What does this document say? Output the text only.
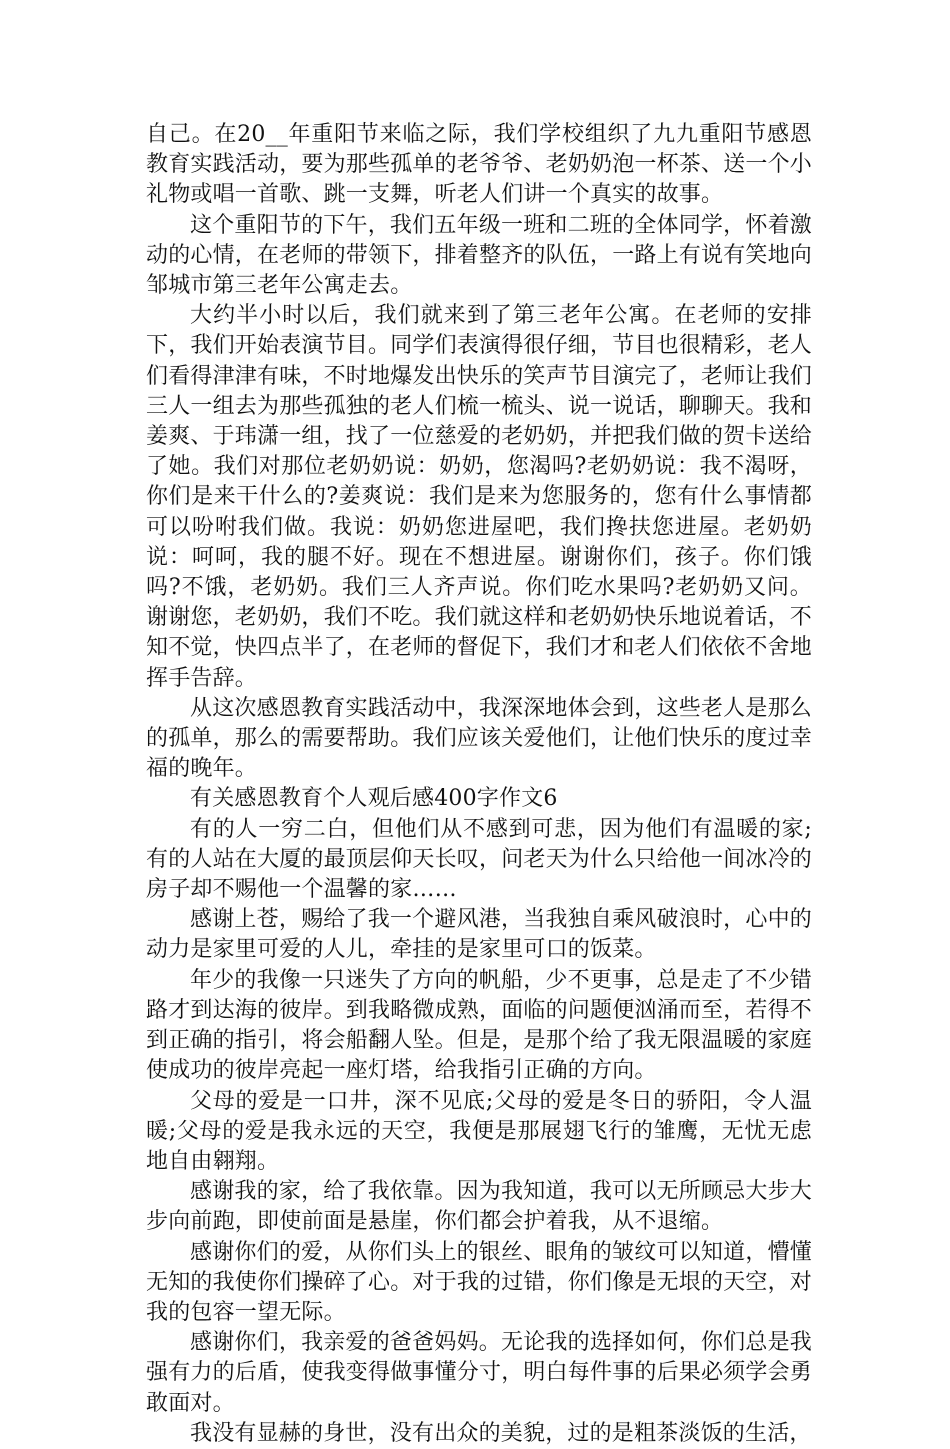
自己。在20__年重阳节来临之际，我们学校组织了九九重阳节感恩教育实践活动，要为那些孤单的老爷爷、老奶奶泡一杯茶、送一个小礼物或唱一首歌、跳一支舞，听老人们讲一个真实的故事。

这个重阳节的下午，我们五年级一班和二班的全体同学，怀着激动的心情，在老师的带领下，排着整齐的队伍，一路上有说有笑地向邹城市第三老年公寓走去。

大约半小时以后，我们就来到了第三老年公寓。在老师的安排下，我们开始表演节目。同学们表演得很仔细，节目也很精彩，老人们看得津津有味，不时地爆发出快乐的笑声节目演完了，老师让我们三人一组去为那些孤独的老人们梳一梳头、说一说话，聊聊天。我和姜爽、于玮潇一组，找了一位慈爱的老奶奶，并把我们做的贺卡送给了她。我们对那位老奶奶说：奶奶，您渴吗?老奶奶说：我不渴呀，你们是来干什么的?姜爽说：我们是来为您服务的，您有什么事情都可以吩咐我们做。我说：奶奶您进屋吧，我们搀扶您进屋。老奶奶说：呵呵，我的腿不好。现在不想进屋。谢谢你们，孩子。你们饿吗?不饿，老奶奶。我们三人齐声说。你们吃水果吗?老奶奶又问。谢谢您，老奶奶，我们不吃。我们就这样和老奶奶快乐地说着话，不知不觉，快四点半了，在老师的督促下，我们才和老人们依依不舍地挥手告辞。

从这次感恩教育实践活动中，我深深地体会到，这些老人是那么的孤单，那么的需要帮助。我们应该关爱他们，让他们快乐的度过幸福的晚年。

有关感恩教育个人观后感400字作文6

有的人一穷二白，但他们从不感到可悲，因为他们有温暖的家;有的人站在大厦的最顶层仰天长叹，问老天为什么只给他一间冰冷的房子却不赐他一个温馨的家……

感谢上苍，赐给了我一个避风港，当我独自乘风破浪时，心中的动力是家里可爱的人儿，牵挂的是家里可口的饭菜。

年少的我像一只迷失了方向的帆船，少不更事，总是走了不少错路才到达海的彼岸。到我略微成熟，面临的问题便汹涌而至，若得不到正确的指引，将会船翻人坠。但是，是那个给了我无限温暖的家庭使成功的彼岸亮起一座灯塔，给我指引正确的方向。

父母的爱是一口井，深不见底;父母的爱是冬日的骄阳，令人温暖;父母的爱是我永远的天空，我便是那展翅飞行的雏鹰，无忧无虑地自由翱翔。

感谢我的家，给了我依靠。因为我知道，我可以无所顾忌大步大步向前跑，即使前面是悬崖，你们都会护着我，从不退缩。

感谢你们的爱，从你们头上的银丝、眼角的皱纹可以知道，懵懂无知的我使你们操碎了心。对于我的过错，你们像是无垠的天空，对我的包容一望无际。

感谢你们，我亲爱的爸爸妈妈。无论我的选择如何，你们总是我强有力的后盾，使我变得做事懂分寸，明白每件事的后果必须学会勇敢面对。

我没有显赫的身世，没有出众的美貌，过的是粗茶淡饭的生活，
